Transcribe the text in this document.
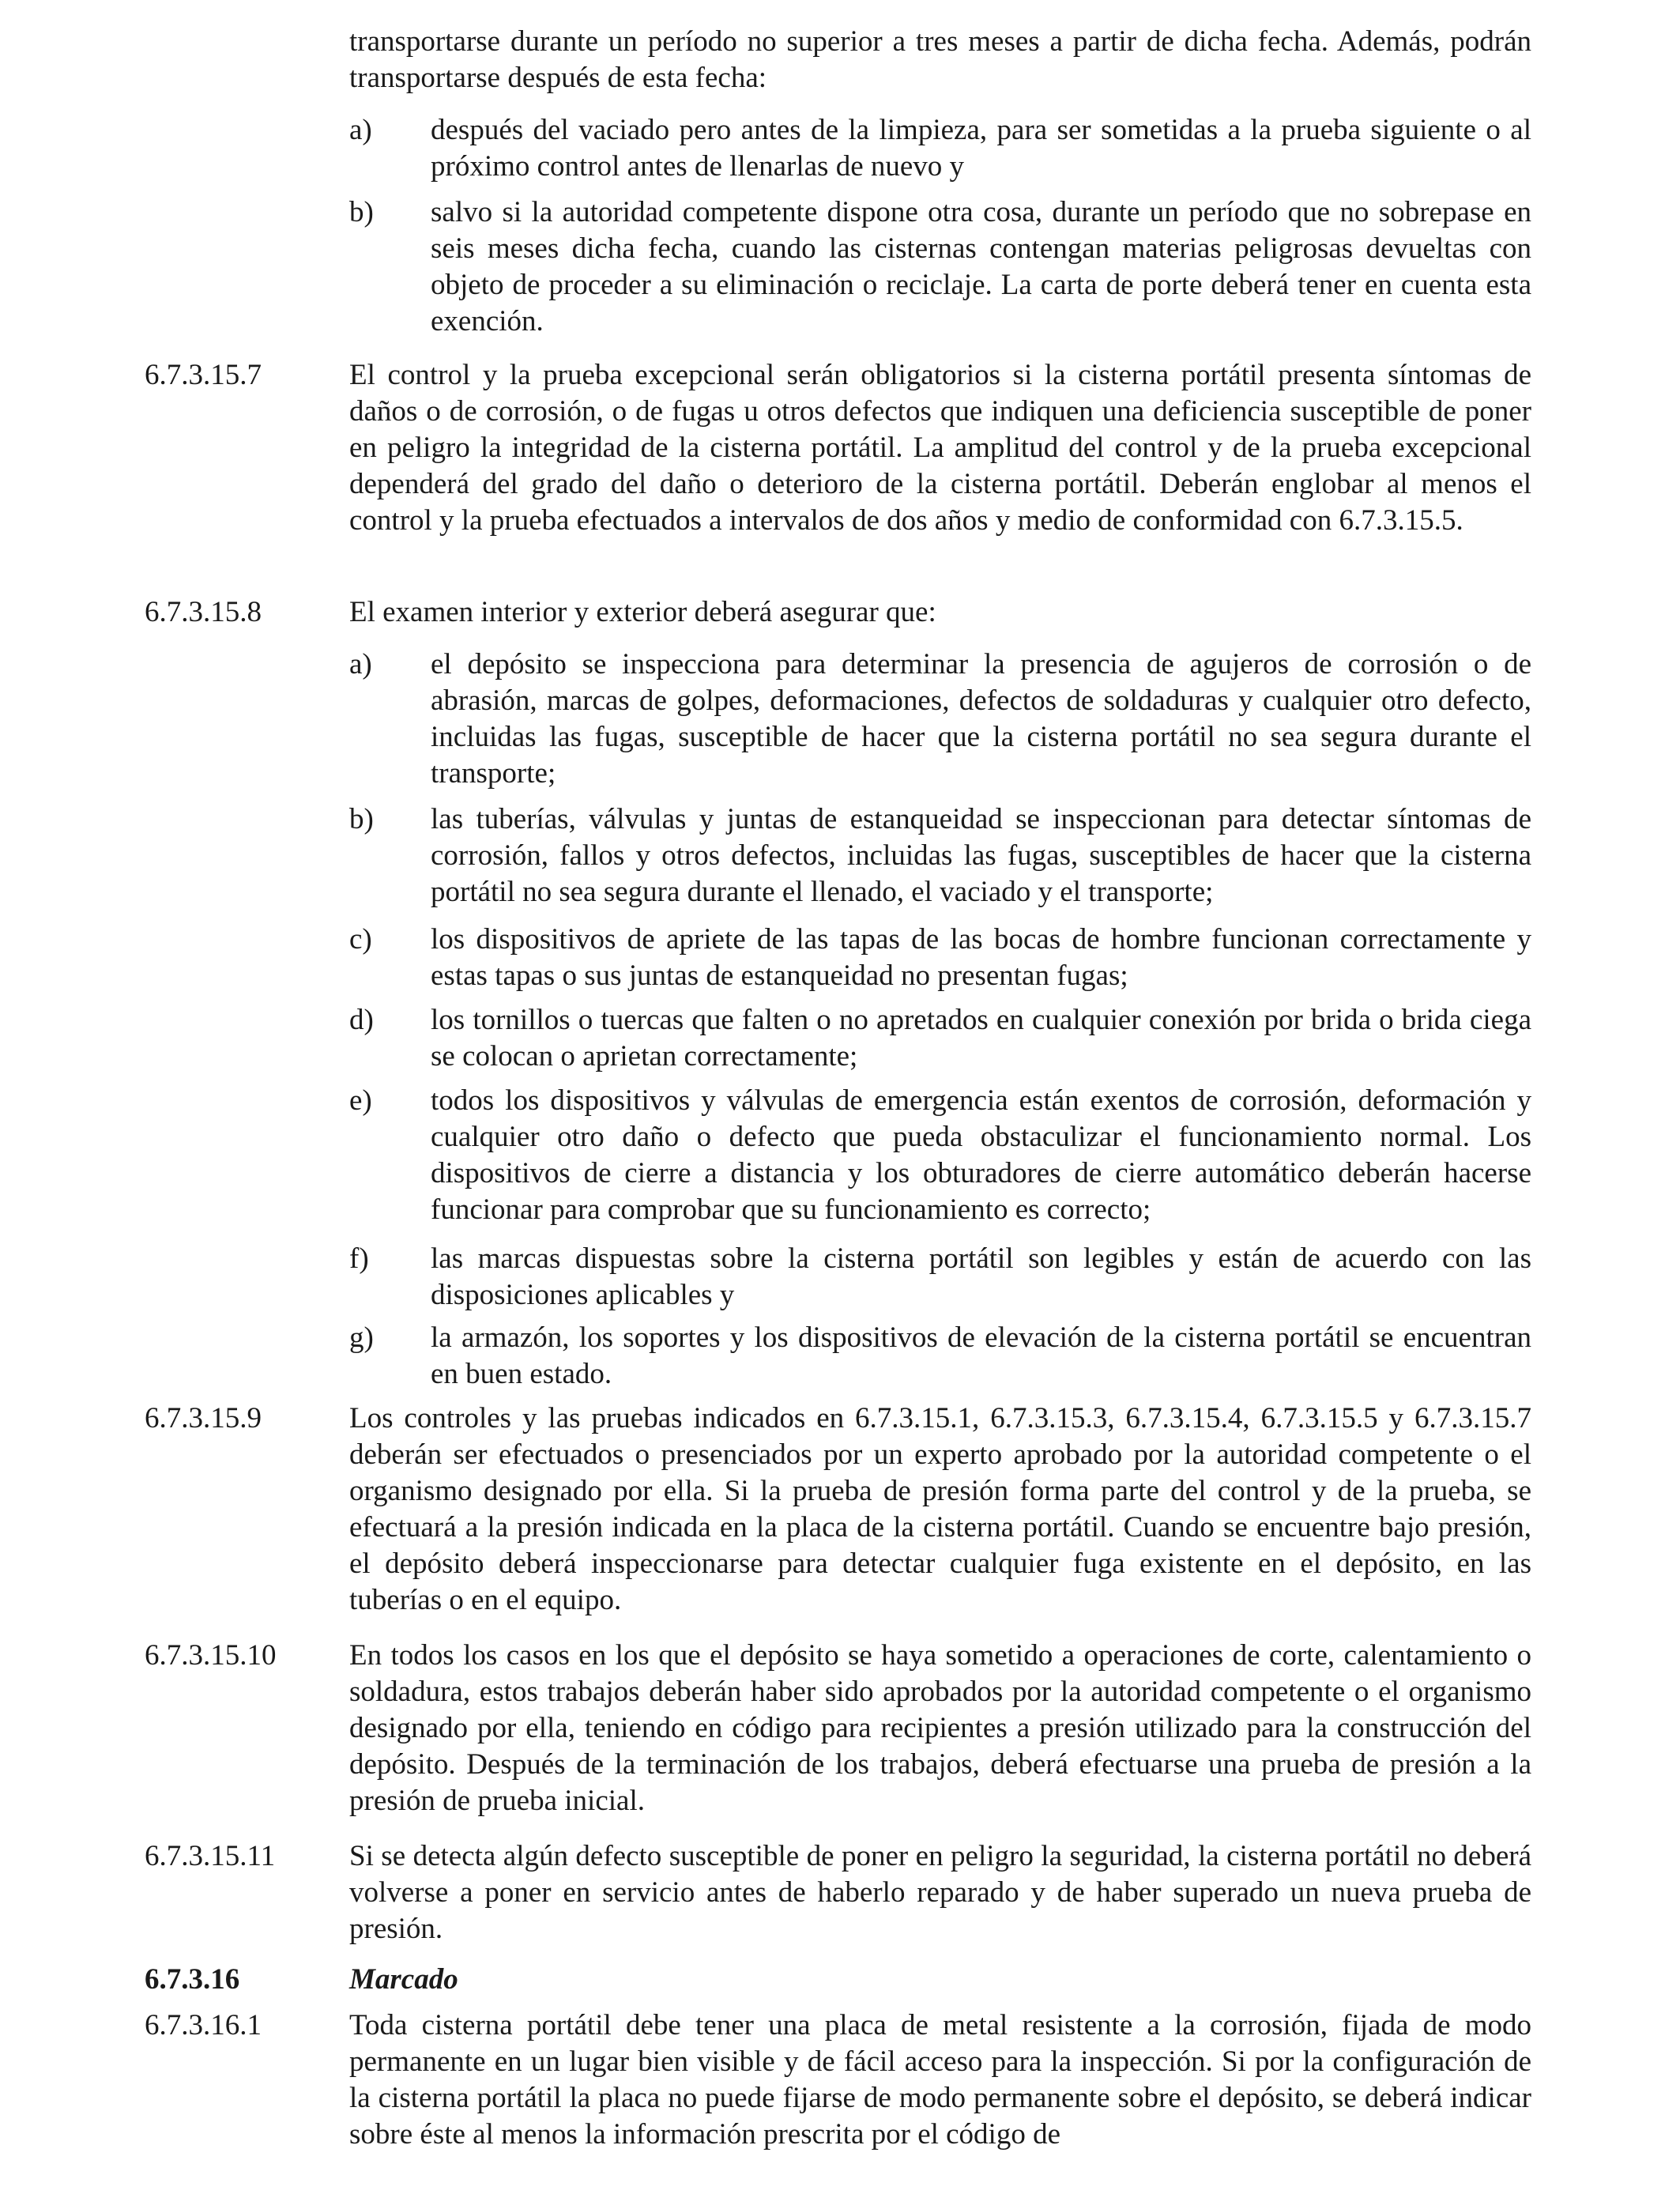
transportarse durante un período no superior a tres meses a partir de dicha fecha. Además, podrán transportarse después de esta fecha:
a) después del vaciado pero antes de la limpieza, para ser sometidas a la prueba siguiente o al próximo control antes de llenarlas de nuevo y
b) salvo si la autoridad competente dispone otra cosa, durante un período que no sobrepase en seis meses dicha fecha, cuando las cisternas contengan materias peligrosas devueltas con objeto de proceder a su eliminación o reciclaje. La carta de porte deberá tener en cuenta esta exención.
6.7.3.15.7	El control y la prueba excepcional serán obligatorios si la cisterna portátil presenta síntomas de daños o de corrosión, o de fugas u otros defectos que indiquen una deficiencia susceptible de poner en peligro la integridad de la cisterna portátil. La amplitud del control y de la prueba excepcional dependerá del grado del daño o deterioro de la cisterna portátil. Deberán englobar al menos el control y la prueba efectuados a intervalos de dos años y medio de conformidad con 6.7.3.15.5.
6.7.3.15.8	El examen interior y exterior deberá asegurar que:
a) el depósito se inspecciona para determinar la presencia de agujeros de corrosión o de abrasión, marcas de golpes, deformaciones, defectos de soldaduras y cualquier otro defecto, incluidas las fugas, susceptible de hacer que la cisterna portátil no sea segura durante el transporte;
b) las tuberías, válvulas y juntas de estanqueidad se inspeccionan para detectar síntomas de corrosión, fallos y otros defectos, incluidas las fugas, susceptibles de hacer que la cisterna portátil no sea segura durante el llenado, el vaciado y el transporte;
c) los dispositivos de apriete de las tapas de las bocas de hombre funcionan correctamente y estas tapas o sus juntas de estanqueidad no presentan fugas;
d) los tornillos o tuercas que falten o no apretados en cualquier conexión por brida o brida ciega se colocan o aprietan correctamente;
e) todos los dispositivos y válvulas de emergencia están exentos de corrosión, deformación y cualquier otro daño o defecto que pueda obstaculizar el funcionamiento normal. Los dispositivos de cierre a distancia y los obturadores de cierre automático deberán hacerse funcionar para comprobar que su funcionamiento es correcto;
f) las marcas dispuestas sobre la cisterna portátil son legibles y están de acuerdo con las disposiciones aplicables y
g) la armazón, los soportes y los dispositivos de elevación de la cisterna portátil se encuentran en buen estado.
6.7.3.15.9	Los controles y las pruebas indicados en 6.7.3.15.1, 6.7.3.15.3, 6.7.3.15.4, 6.7.3.15.5 y 6.7.3.15.7 deberán ser efectuados o presenciados por un experto aprobado por la autoridad competente o el organismo designado por ella. Si la prueba de presión forma parte del control y de la prueba, se efectuará a la presión indicada en la placa de la cisterna portátil. Cuando se encuentre bajo presión, el depósito deberá inspeccionarse para detectar cualquier fuga existente en el depósito, en las tuberías o en el equipo.
6.7.3.15.10	En todos los casos en los que el depósito se haya sometido a operaciones de corte, calentamiento o soldadura, estos trabajos deberán haber sido aprobados por la autoridad competente o el organismo designado por ella, teniendo en código para recipientes a presión utilizado para la construcción del depósito. Después de la terminación de los trabajos, deberá efectuarse una prueba de presión a la presión de prueba inicial.
6.7.3.15.11	Si se detecta algún defecto susceptible de poner en peligro la seguridad, la cisterna portátil no deberá volverse a poner en servicio antes de haberlo reparado y de haber superado un nueva prueba de presión.
6.7.3.16	Marcado
6.7.3.16.1	Toda cisterna portátil debe tener una placa de metal resistente a la corrosión, fijada de modo permanente en un lugar bien visible y de fácil acceso para la inspección. Si por la configuración de la cisterna portátil la placa no puede fijarse de modo permanente sobre el depósito, se deberá indicar sobre éste al menos la información prescrita por el código de
